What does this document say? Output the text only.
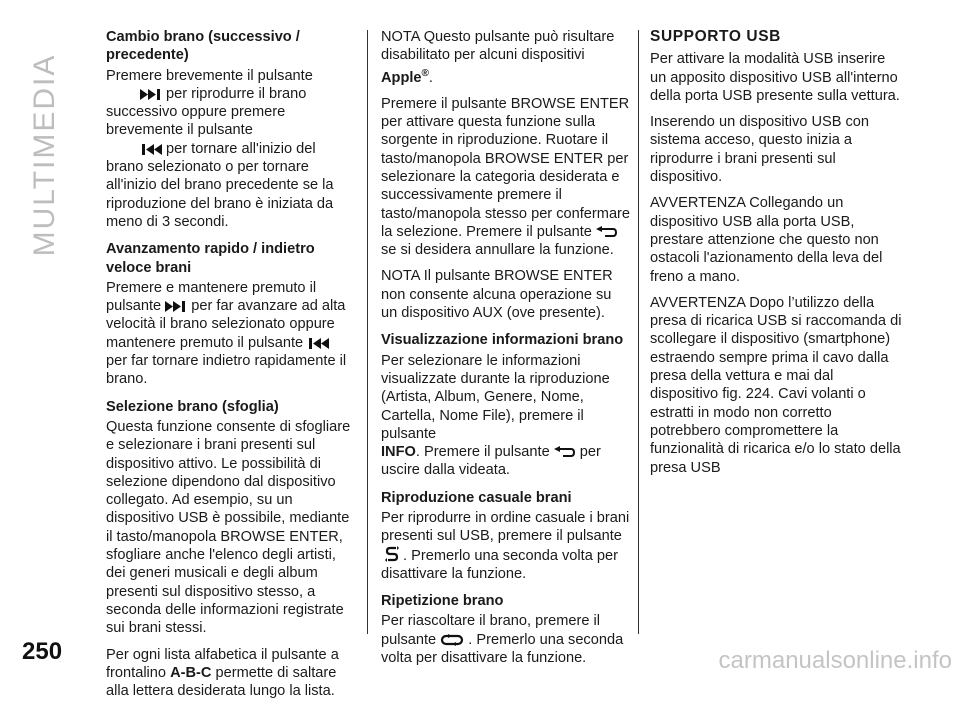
MULTIMEDIA
250	carmanualsonline.info

Cambio brano (successivo / precedente)

Premere brevemente il pulsante
per riprodurre il brano successivo oppure premere brevemente il pulsante
per tornare all'inizio del brano selezionato o per tornare all'inizio del brano precedente se la riproduzione del brano è iniziata da meno di 3 secondi.

Avanzamento rapido / indietro veloce brani

Premere e mantenere premuto il pulsante per far avanzare ad alta velocità il brano selezionato oppure mantenere premuto il pulsante per far tornare indietro rapidamente il brano.

Selezione brano (sfoglia)

Questa funzione consente di sfogliare e selezionare i brani presenti sul dispositivo attivo. Le possibilità di selezione dipendono dal dispositivo collegato. Ad esempio, su un dispositivo USB è possibile, mediante il tasto/manopola BROWSE ENTER, sfogliare anche l'elenco degli artisti, dei generi musicali e degli album presenti sul dispositivo stesso, a seconda delle informazioni registrate sui brani stessi.

Per ogni lista alfabetica il pulsante a frontalino A-B-C permette di saltare alla lettera desiderata lungo la lista.

NOTA Questo pulsante può risultare disabilitato per alcuni dispositivi
Apple®.

Premere il pulsante BROWSE ENTER per attivare questa funzione sulla sorgente in riproduzione. Ruotare il tasto/manopola BROWSE ENTER per selezionare la categoria desiderata e successivamente premere il tasto/manopola stesso per confermare la selezione. Premere il pulsante se si desidera annullare la funzione.

NOTA Il pulsante BROWSE ENTER non consente alcuna operazione su un dispositivo AUX (ove presente).

Visualizzazione informazioni brano

Per selezionare le informazioni visualizzate durante la riproduzione (Artista, Album, Genere, Nome, Cartella, Nome File), premere il pulsante
INFO. Premere il pulsante per uscire dalla videata.

Riproduzione casuale brani

Per riprodurre in ordine casuale i brani presenti sul USB, premere il pulsante
. Premerlo una seconda volta per disattivare la funzione.

Ripetizione brano

Per riascoltare il brano, premere il pulsante . Premerlo una seconda volta per disattivare la funzione.

SUPPORTO USB

Per attivare la modalità USB inserire un apposito dispositivo USB all'interno della porta USB presente sulla vettura.

Inserendo un dispositivo USB con sistema acceso, questo inizia a riprodurre i brani presenti sul dispositivo.

AVVERTENZA Collegando un dispositivo USB alla porta USB, prestare attenzione che questo non ostacoli l'azionamento della leva del freno a mano.

AVVERTENZA Dopo l’utilizzo della presa di ricarica USB si raccomanda di scollegare il dispositivo (smartphone) estraendo sempre prima il cavo dalla presa della vettura e mai dal dispositivo fig. 224. Cavi volanti o estratti in modo non corretto potrebbero compromettere la funzionalità di ricarica e/o lo stato della presa USB
